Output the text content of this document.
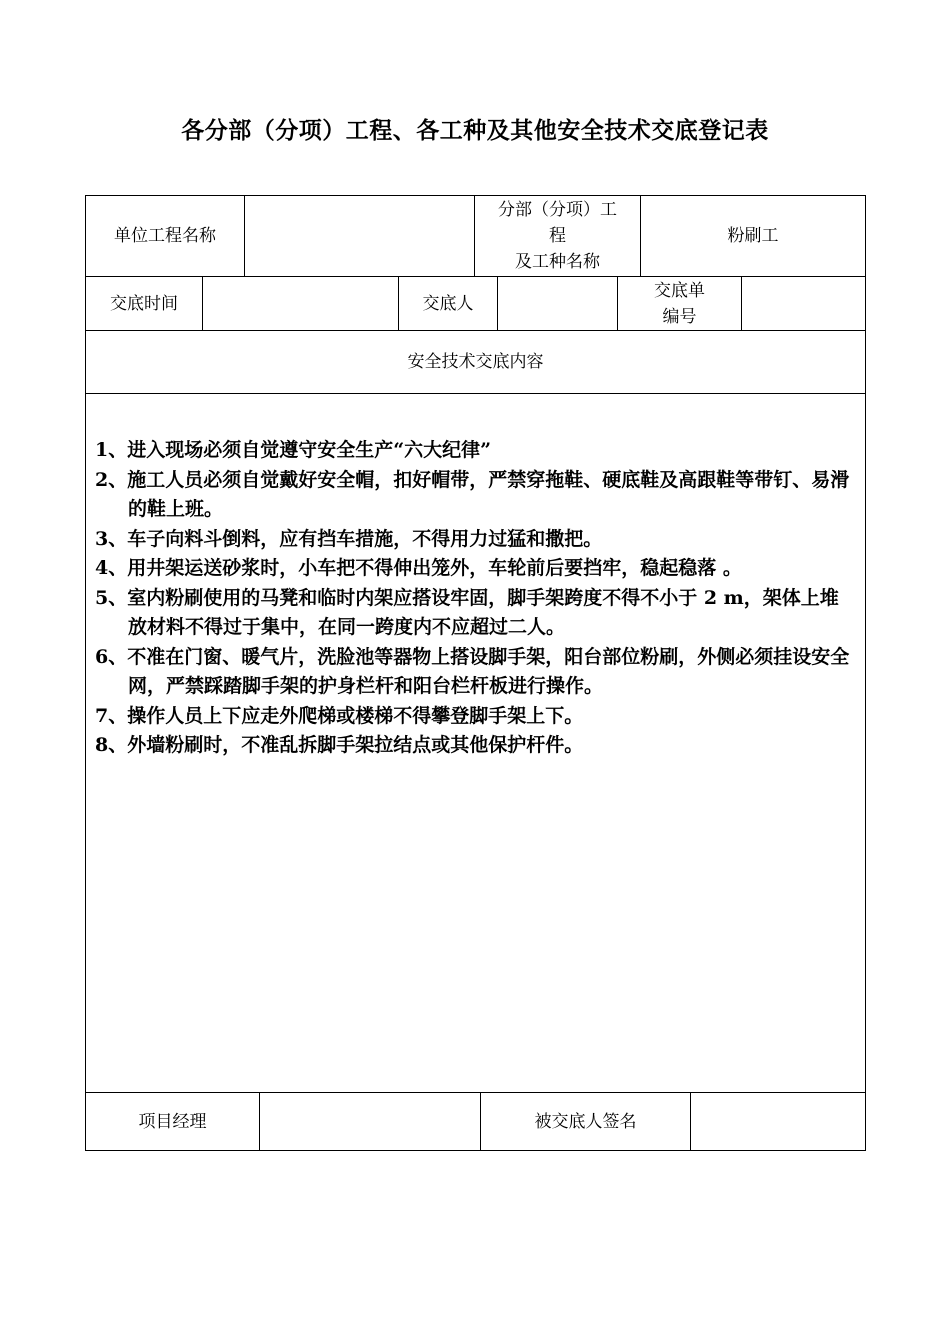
各分部（分项）工程、各工种及其他安全技术交底登记表
单位工程名称
分部（分项）工
程
及工种名称
粉刷工
交底时间	交底人
交底单
编号
安全技术交底内容
1、进入现场必须自觉遵守安全生产“六大纪律”
2、施工人员必须自觉戴好安全帽，扣好帽带，严禁穿拖鞋、硬底鞋及高跟鞋等带钉、易滑的鞋上班。
3、车子向料斗倒料，应有挡车措施，不得用力过猛和撒把。
4、用井架运送砂浆时，小车把不得伸出笼外，车轮前后要挡牢，稳起稳落 。
5、室内粉刷使用的马凳和临时内架应搭设牢固，脚手架跨度不得不小于 2 m，架体上堆放材料不得过于集中，在同一跨度内不应超过二人。
6、不准在门窗、暖气片，洗脸池等器物上搭设脚手架，阳台部位粉刷，外侧必须挂设安全网，严禁踩踏脚手架的护身栏杆和阳台栏杆板进行操作。
7、操作人员上下应走外爬梯或楼梯不得攀登脚手架上下。
8、外墙粉刷时，不准乱拆脚手架拉结点或其他保护杆件。
项目经理	被交底人签名
